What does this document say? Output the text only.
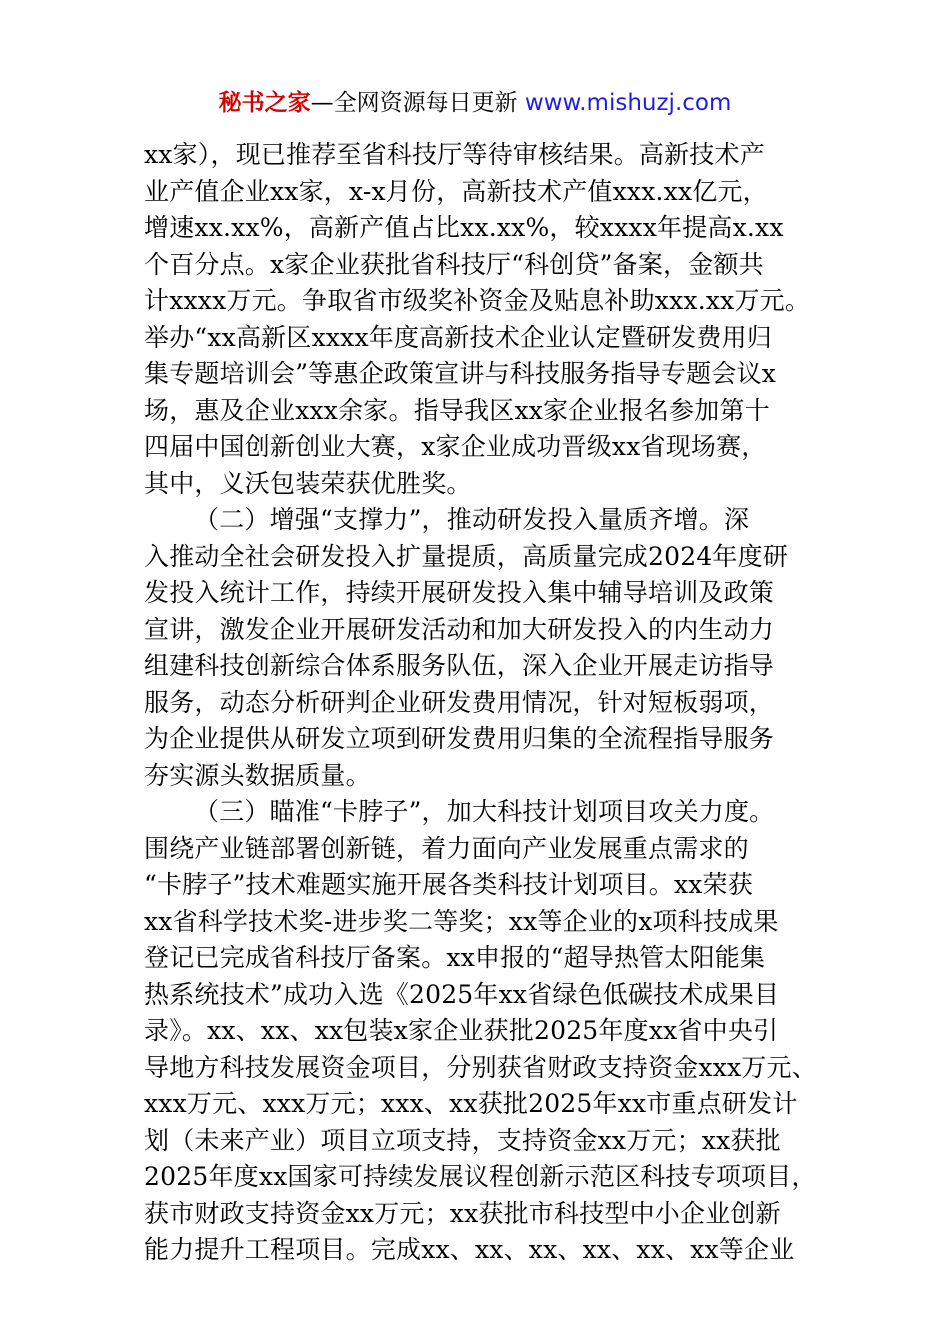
秘书之家—全网资源每日更新 www.mishuzj.com
xx家），现已推荐至省科技厅等待审核结果。高新技术产
业产值企业xx家，x-x月份，高新技术产值xxx.xx亿元，
增速xx.xx%，高新产值占比xx.xx%，较xxxx年提高x.xx
个百分点。x家企业获批省科技厅“科创贷”备案，金额共
计xxxx万元。争取省市级奖补资金及贴息补助xxx.xx万元。
举办“xx高新区xxxx年度高新技术企业认定暨研发费用归
集专题培训会”等惠企政策宣讲与科技服务指导专题会议x
场，惠及企业xxx余家。指导我区xx家企业报名参加第十
四届中国创新创业大赛，x家企业成功晋级xx省现场赛，
其中，义沃包装荣获优胜奖。
（二）增强“支撑力”，推动研发投入量质齐增。深
入推动全社会研发投入扩量提质，高质量完成2024年度研
发投入统计工作，持续开展研发投入集中辅导培训及政策
宣讲，激发企业开展研发活动和加大研发投入的内生动力
组建科技创新综合体系服务队伍，深入企业开展走访指导
服务，动态分析研判企业研发费用情况，针对短板弱项，
为企业提供从研发立项到研发费用归集的全流程指导服务
夯实源头数据质量。
（三）瞄准“卡脖子”，加大科技计划项目攻关力度。
围绕产业链部署创新链，着力面向产业发展重点需求的
“卡脖子”技术难题实施开展各类科技计划项目。xx荣获
xx省科学技术奖-进步奖二等奖；xx等企业的x项科技成果
登记已完成省科技厅备案。xx申报的“超导热管太阳能集
热系统技术”成功入选《2025年xx省绿色低碳技术成果目
录》。xx、xx、xx包装x家企业获批2025年度xx省中央引
导地方科技发展资金项目，分别获省财政支持资金xxx万元、
xxx万元、xxx万元；xxx、xx获批2025年xx市重点研发计
划（未来产业）项目立项支持，支持资金xx万元；xx获批
2025年度xx国家可持续发展议程创新示范区科技专项项目，
获市财政支持资金xx万元；xx获批市科技型中小企业创新
能力提升工程项目。完成xx、xx、xx、xx、xx、xx等企业
